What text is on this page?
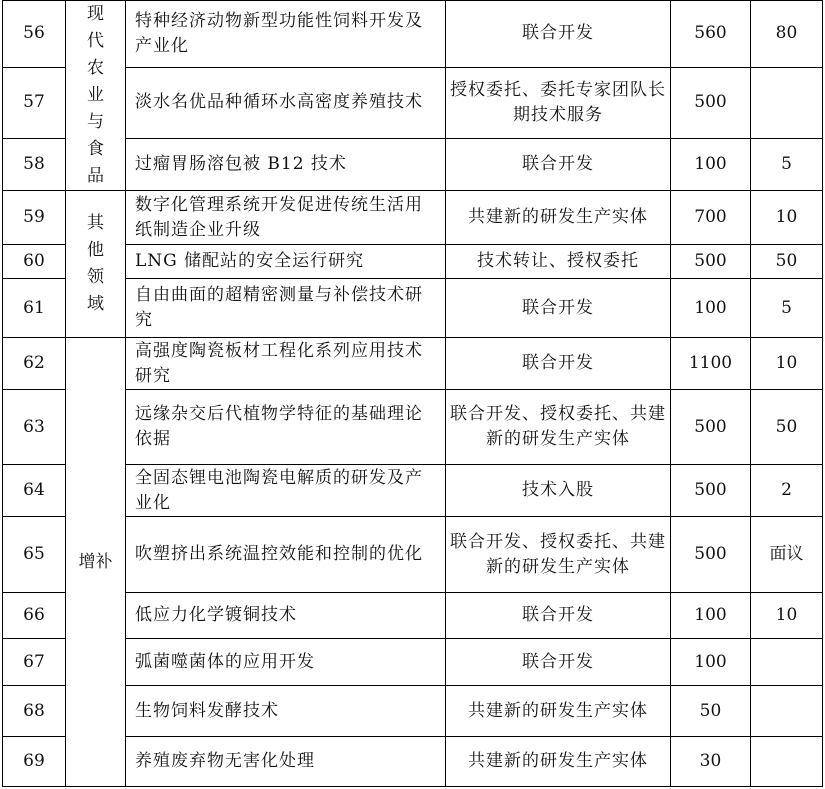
56	现代农业与食品	特种经济动物新型功能性饲料开发及产业化	联合开发	560	80
57		淡水名优品种循环水高密度养殖技术	授权委托、委托专家团队长期技术服务	500	
58		过瘤胃肠溶包被 B12 技术	联合开发	100	5
59	其他领域	数字化管理系统开发促进传统生活用纸制造企业升级	共建新的研发生产实体	700	10
60		LNG 储配站的安全运行研究	技术转让、授权委托	500	50
61		自由曲面的超精密测量与补偿技术研究	联合开发	100	5
62	增补	高强度陶瓷板材工程化系列应用技术研究	联合开发	1100	10
63		远缘杂交后代植物学特征的基础理论依据	联合开发、授权委托、共建新的研发生产实体	500	50
64		全固态锂电池陶瓷电解质的研发及产业化	技术入股	500	2
65		吹塑挤出系统温控效能和控制的优化	联合开发、授权委托、共建新的研发生产实体	500	面议
66		低应力化学镀铜技术	联合开发	100	10
67		弧菌噬菌体的应用开发	联合开发	100	
68		生物饲料发酵技术	共建新的研发生产实体	50	
69		养殖废弃物无害化处理	共建新的研发生产实体	30	
